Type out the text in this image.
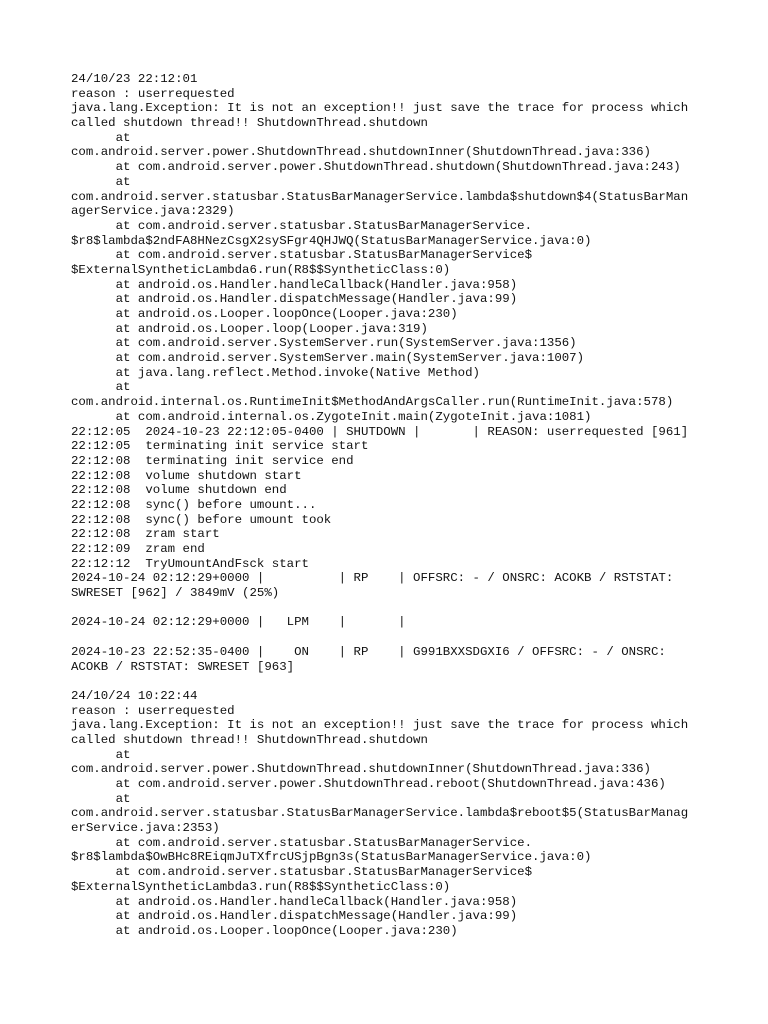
24/10/23 22:12:01
reason : userrequested
java.lang.Exception: It is not an exception!! just save the trace for process which
called shutdown thread!! ShutdownThread.shutdown
at
com.android.server.power.ShutdownThread.shutdownInner(ShutdownThread.java:336)
at com.android.server.power.ShutdownThread.shutdown(ShutdownThread.java:243)
at
com.android.server.statusbar.StatusBarManagerService.lambda$shutdown$4(StatusBarMan
agerService.java:2329)
at com.android.server.statusbar.StatusBarManagerService.
$r8$lambda$2ndFA8HNezCsgX2sySFgr4QHJWQ(StatusBarManagerService.java:0)
at com.android.server.statusbar.StatusBarManagerService$
$ExternalSyntheticLambda6.run(R8$$SyntheticClass:0)
at android.os.Handler.handleCallback(Handler.java:958)
at android.os.Handler.dispatchMessage(Handler.java:99)
at android.os.Looper.loopOnce(Looper.java:230)
at android.os.Looper.loop(Looper.java:319)
at com.android.server.SystemServer.run(SystemServer.java:1356)
at com.android.server.SystemServer.main(SystemServer.java:1007)
at java.lang.reflect.Method.invoke(Native Method)
at
com.android.internal.os.RuntimeInit$MethodAndArgsCaller.run(RuntimeInit.java:578)
at com.android.internal.os.ZygoteInit.main(ZygoteInit.java:1081)
22:12:05  2024-10-23 22:12:05-0400 | SHUTDOWN |       | REASON: userrequested [961]
22:12:05  terminating init service start
22:12:08  terminating init service end
22:12:08  volume shutdown start
22:12:08  volume shutdown end
22:12:08  sync() before umount...
22:12:08  sync() before umount took
22:12:08  zram start
22:12:09  zram end
22:12:12  TryUmountAndFsck start
2024-10-24 02:12:29+0000 |          | RP    | OFFSRC: - / ONSRC: ACOKB / RSTSTAT:
SWRESET [962] / 3849mV (25%)
2024-10-24 02:12:29+0000 |   LPM    |       |
2024-10-23 22:52:35-0400 |    ON    | RP    | G991BXXSDGXI6 / OFFSRC: - / ONSRC:
ACOKB / RSTSTAT: SWRESET [963]
24/10/24 10:22:44
reason : userrequested
java.lang.Exception: It is not an exception!! just save the trace for process which
called shutdown thread!! ShutdownThread.shutdown
at
com.android.server.power.ShutdownThread.shutdownInner(ShutdownThread.java:336)
at com.android.server.power.ShutdownThread.reboot(ShutdownThread.java:436)
at
com.android.server.statusbar.StatusBarManagerService.lambda$reboot$5(StatusBarManag
erService.java:2353)
at com.android.server.statusbar.StatusBarManagerService.
$r8$lambda$OwBHc8REiqmJuTXfrcUSjpBgn3s(StatusBarManagerService.java:0)
at com.android.server.statusbar.StatusBarManagerService$
$ExternalSyntheticLambda3.run(R8$$SyntheticClass:0)
at android.os.Handler.handleCallback(Handler.java:958)
at android.os.Handler.dispatchMessage(Handler.java:99)
at android.os.Looper.loopOnce(Looper.java:230)
